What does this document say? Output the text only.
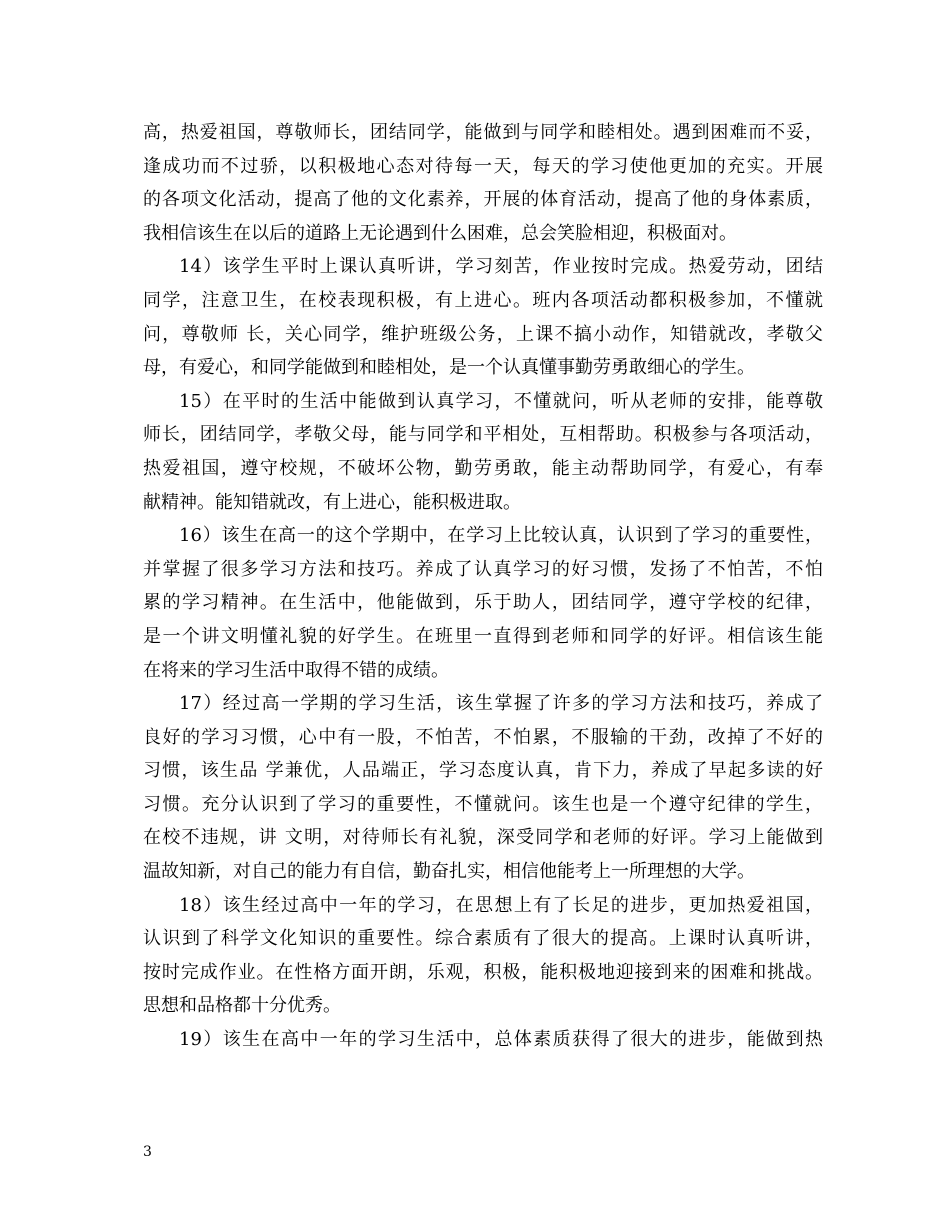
高，热爱祖国，尊敬师长，团结同学，能做到与同学和睦相处。遇到困难而不妥，
逢成功而不过骄，以积极地心态对待每一天，每天的学习使他更加的充实。开展
的各项文化活动，提高了他的文化素养，开展的体育活动，提高了他的身体素质，
我相信该生在以后的道路上无论遇到什么困难，总会笑脸相迎，积极面对。
14）该学生平时上课认真听讲，学习刻苦，作业按时完成。热爱劳动，团结
同学，注意卫生，在校表现积极，有上进心。班内各项活动都积极参加，不懂就
问，尊敬师 长，关心同学，维护班级公务，上课不搞小动作，知错就改，孝敬父
母，有爱心，和同学能做到和睦相处，是一个认真懂事勤劳勇敢细心的学生。
15）在平时的生活中能做到认真学习，不懂就问，听从老师的安排，能尊敬
师长，团结同学，孝敬父母，能与同学和平相处，互相帮助。积极参与各项活动，
热爱祖国，遵守校规，不破坏公物，勤劳勇敢，能主动帮助同学，有爱心，有奉
献精神。能知错就改，有上进心，能积极进取。
16）该生在高一的这个学期中，在学习上比较认真，认识到了学习的重要性，
并掌握了很多学习方法和技巧。养成了认真学习的好习惯，发扬了不怕苦，不怕
累的学习精神。在生活中，他能做到，乐于助人，团结同学，遵守学校的纪律，
是一个讲文明懂礼貌的好学生。在班里一直得到老师和同学的好评。相信该生能
在将来的学习生活中取得不错的成绩。
17）经过高一学期的学习生活，该生掌握了许多的学习方法和技巧，养成了
良好的学习习惯，心中有一股，不怕苦，不怕累，不服输的干劲，改掉了不好的
习惯，该生品 学兼优，人品端正，学习态度认真，肯下力，养成了早起多读的好
习惯。充分认识到了学习的重要性，不懂就问。该生也是一个遵守纪律的学生，
在校不违规，讲 文明，对待师长有礼貌，深受同学和老师的好评。学习上能做到
温故知新，对自己的能力有自信，勤奋扎实，相信他能考上一所理想的大学。
18）该生经过高中一年的学习，在思想上有了长足的进步，更加热爱祖国，
认识到了科学文化知识的重要性。综合素质有了很大的提高。上课时认真听讲，
按时完成作业。在性格方面开朗，乐观，积极，能积极地迎接到来的困难和挑战。
思想和品格都十分优秀。
19）该生在高中一年的学习生活中，总体素质获得了很大的进步，能做到热
3
